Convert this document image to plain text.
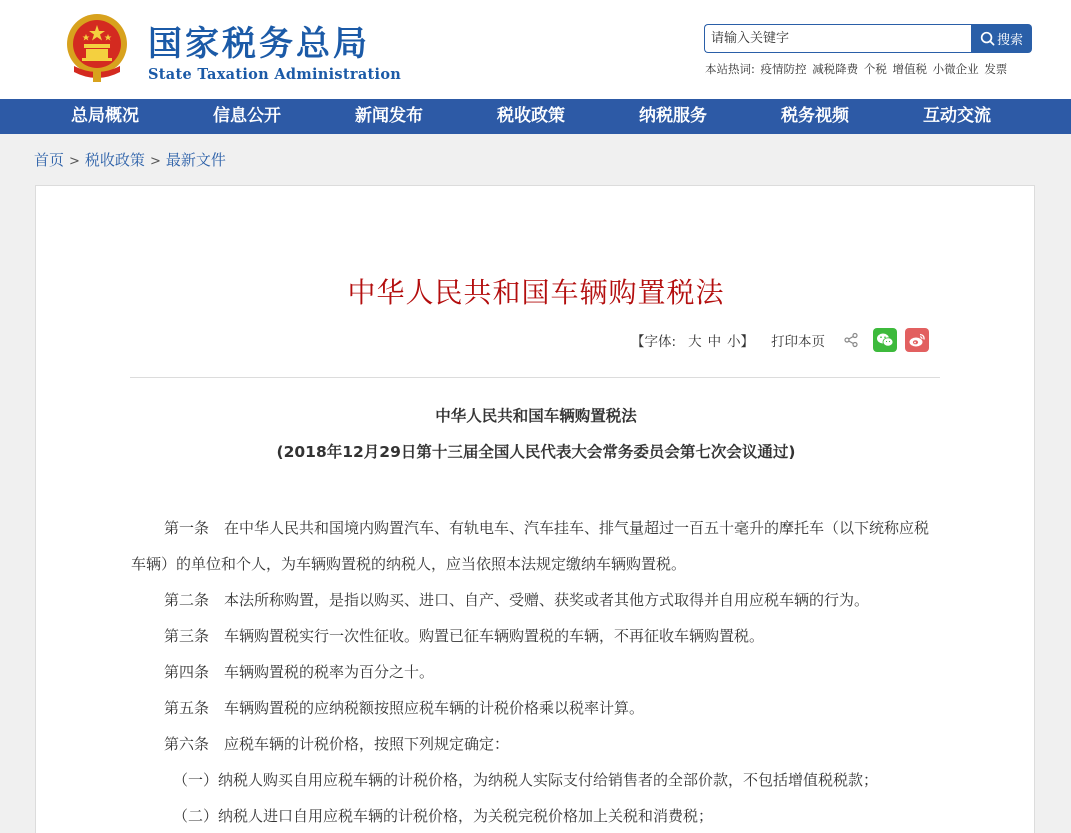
国家税务总局
State Taxation Administration
请输入关键字	搜索
本站热词: 疫情防控 减税降费 个税 增值税 小微企业 发票
总局概况	信息公开	新闻发布	税收政策	纳税服务	税务视频	互动交流
首页 > 税收政策 > 最新文件
中华人民共和国车辆购置税法
【字体: 大 中 小】 打印本页
中华人民共和国车辆购置税法
(2018年12月29日第十三届全国人民代表大会常务委员会第七次会议通过)

第一条　在中华人民共和国境内购置汽车、有轨电车、汽车挂车、排气量超过一百五十毫升的摩托车（以下统称应税车辆）的单位和个人，为车辆购置税的纳税人，应当依照本法规定缴纳车辆购置税。

第二条　本法所称购置，是指以购买、进口、自产、受赠、获奖或者其他方式取得并自用应税车辆的行为。

第三条　车辆购置税实行一次性征收。购置已征车辆购置税的车辆，不再征收车辆购置税。

第四条　车辆购置税的税率为百分之十。

第五条　车辆购置税的应纳税额按照应税车辆的计税价格乘以税率计算。

第六条　应税车辆的计税价格，按照下列规定确定：

（一）纳税人购买自用应税车辆的计税价格，为纳税人实际支付给销售者的全部价款，不包括增值税税款；

（二）纳税人进口自用应税车辆的计税价格，为关税完税价格加上关税和消费税；
